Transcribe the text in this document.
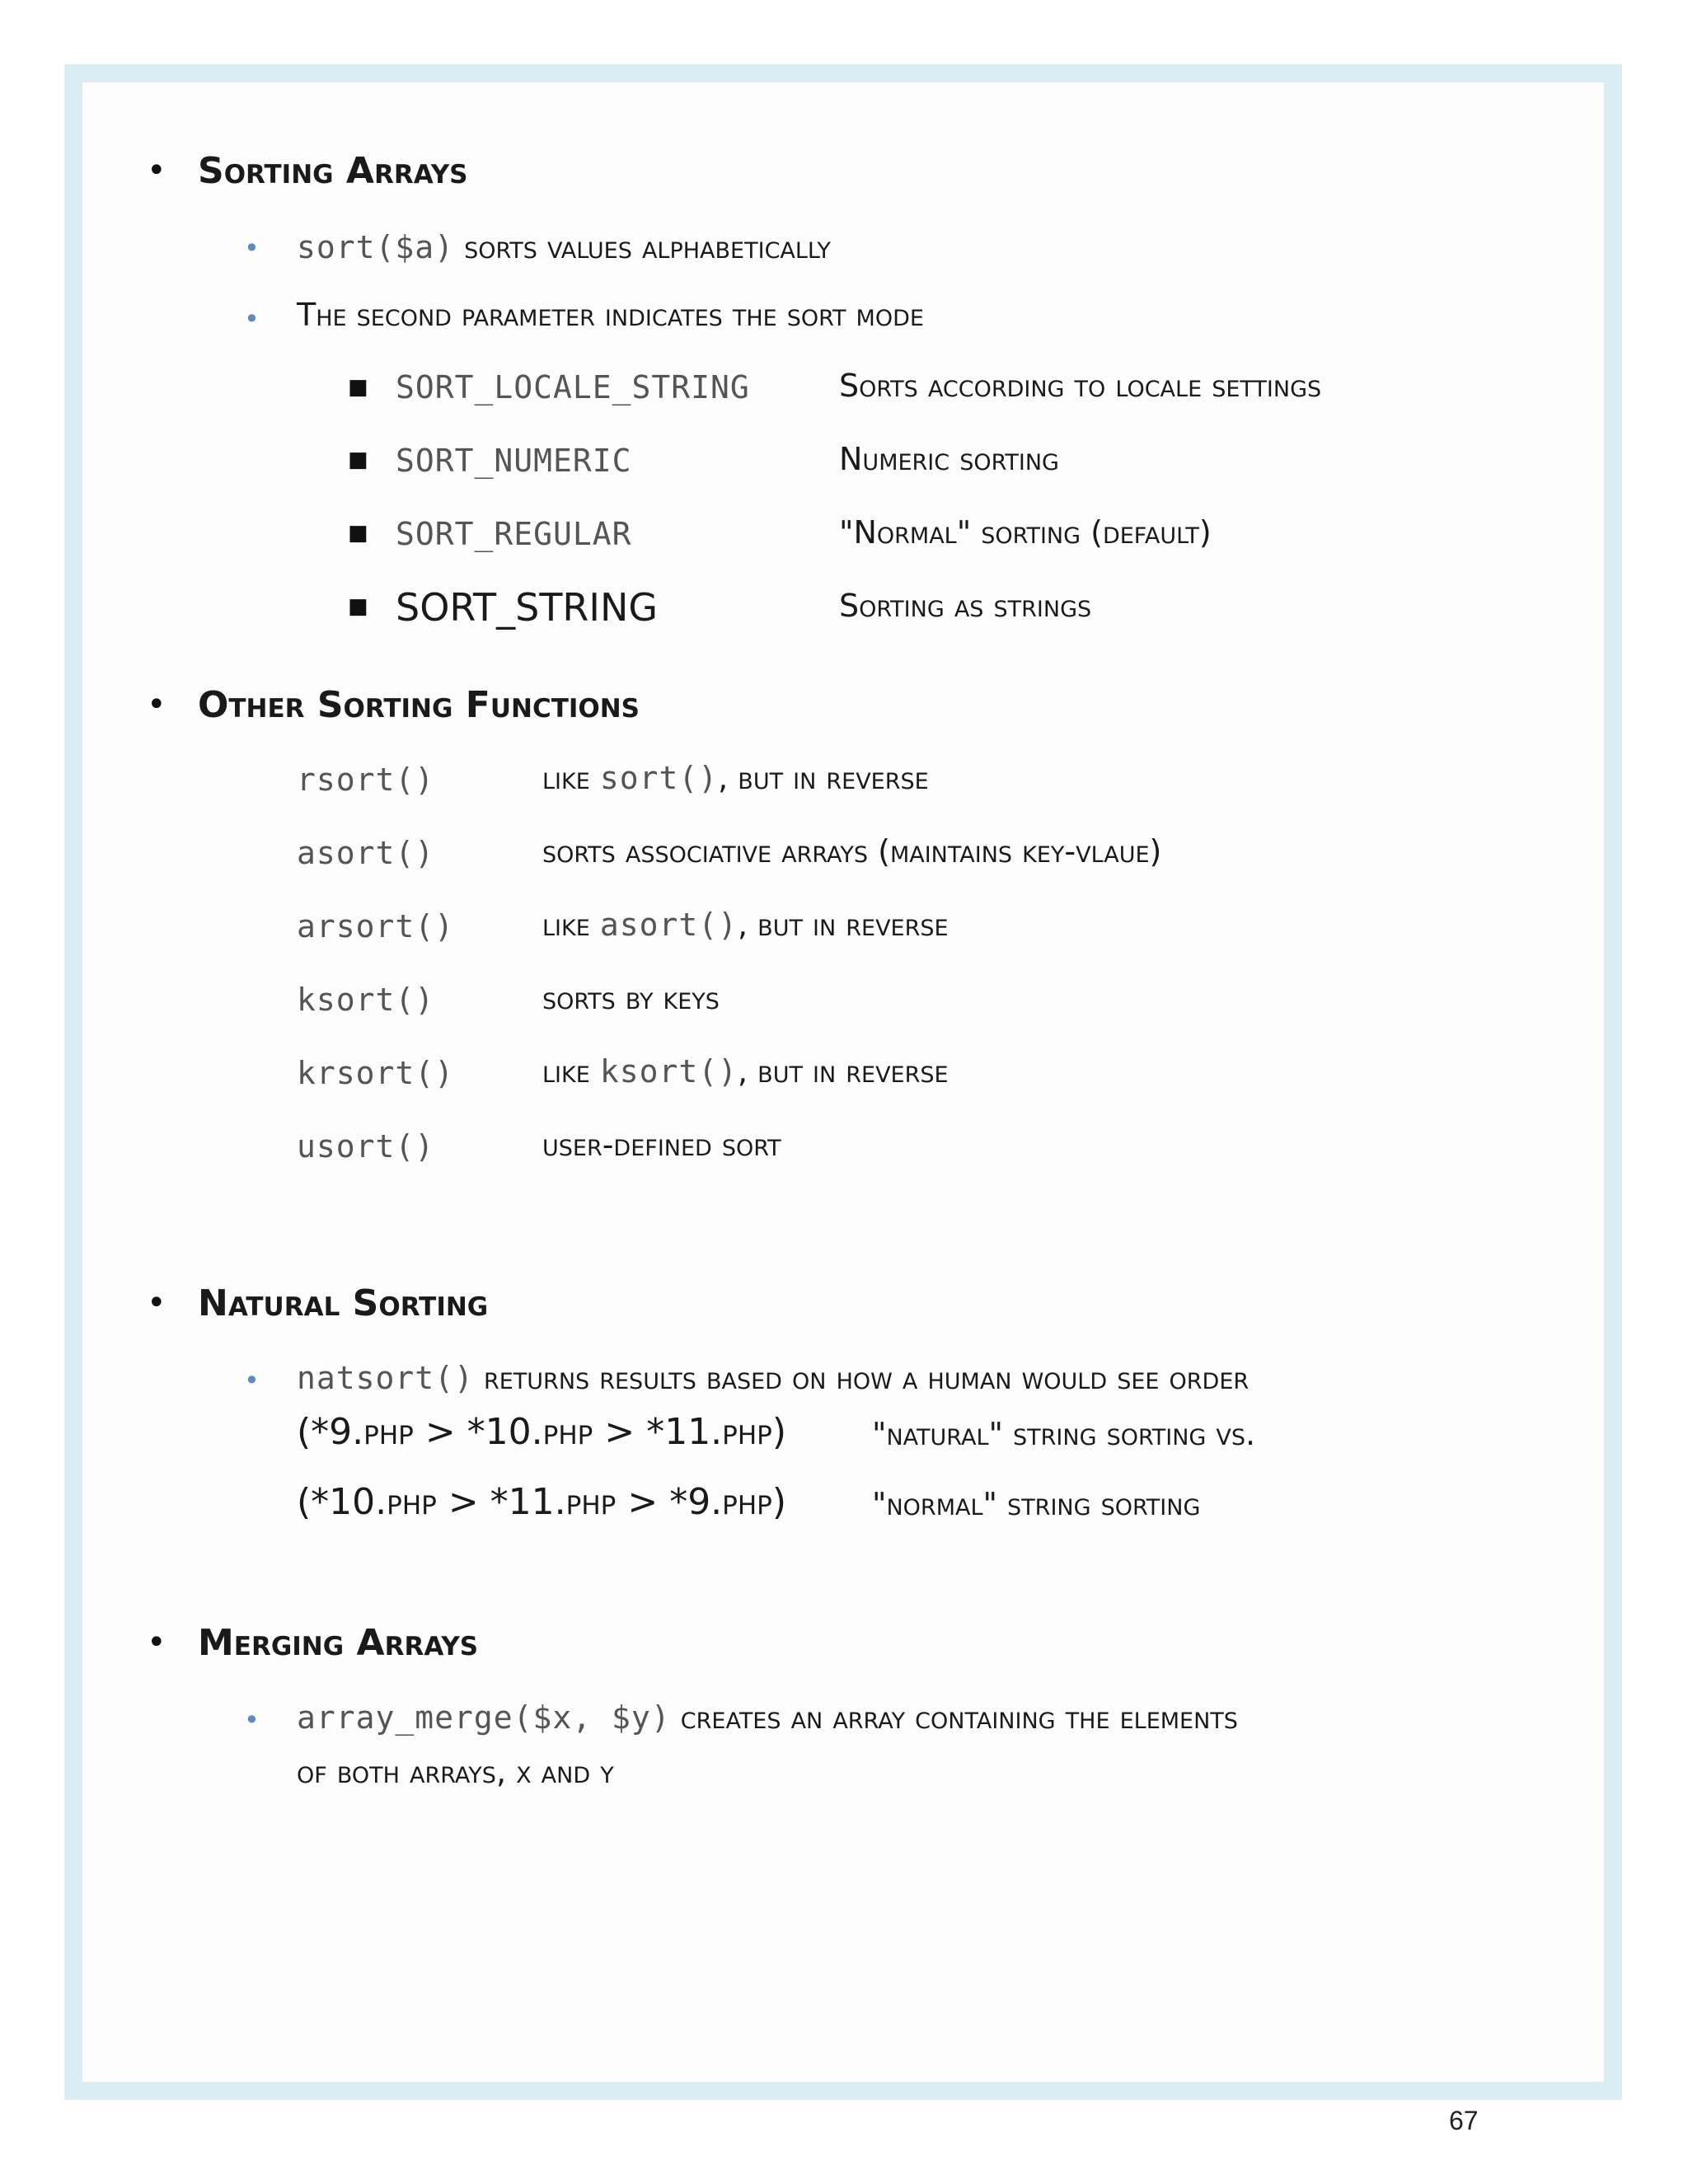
• Sorting Arrays
• sort($a) sorts values alphabetically
• The second parameter indicates the sort mode
■ SORT_LOCALE_STRING	Sorts according to locale settings
■ SORT_NUMERIC	Numeric sorting
■ SORT_REGULAR	"Normal" sorting (default)
■ SORT_STRING	Sorting as strings
• Other Sorting Functions
rsort()	like sort(), but in reverse
asort()	sorts associative arrays (maintains key-vlaue)
arsort()	like asort(), but in reverse
ksort()	sorts by keys
krsort()	like ksort(), but in reverse
usort()	user-defined sort
• Natural Sorting
• natsort() returns results based on how a human would see order
(*9.php > *10.php > *11.php)	"natural" string sorting vs.
(*10.php > *11.php > *9.php)	"normal" string sorting
• Merging Arrays
• array_merge($x, $y) creates an array containing the elements
of both arrays, x and y
67
